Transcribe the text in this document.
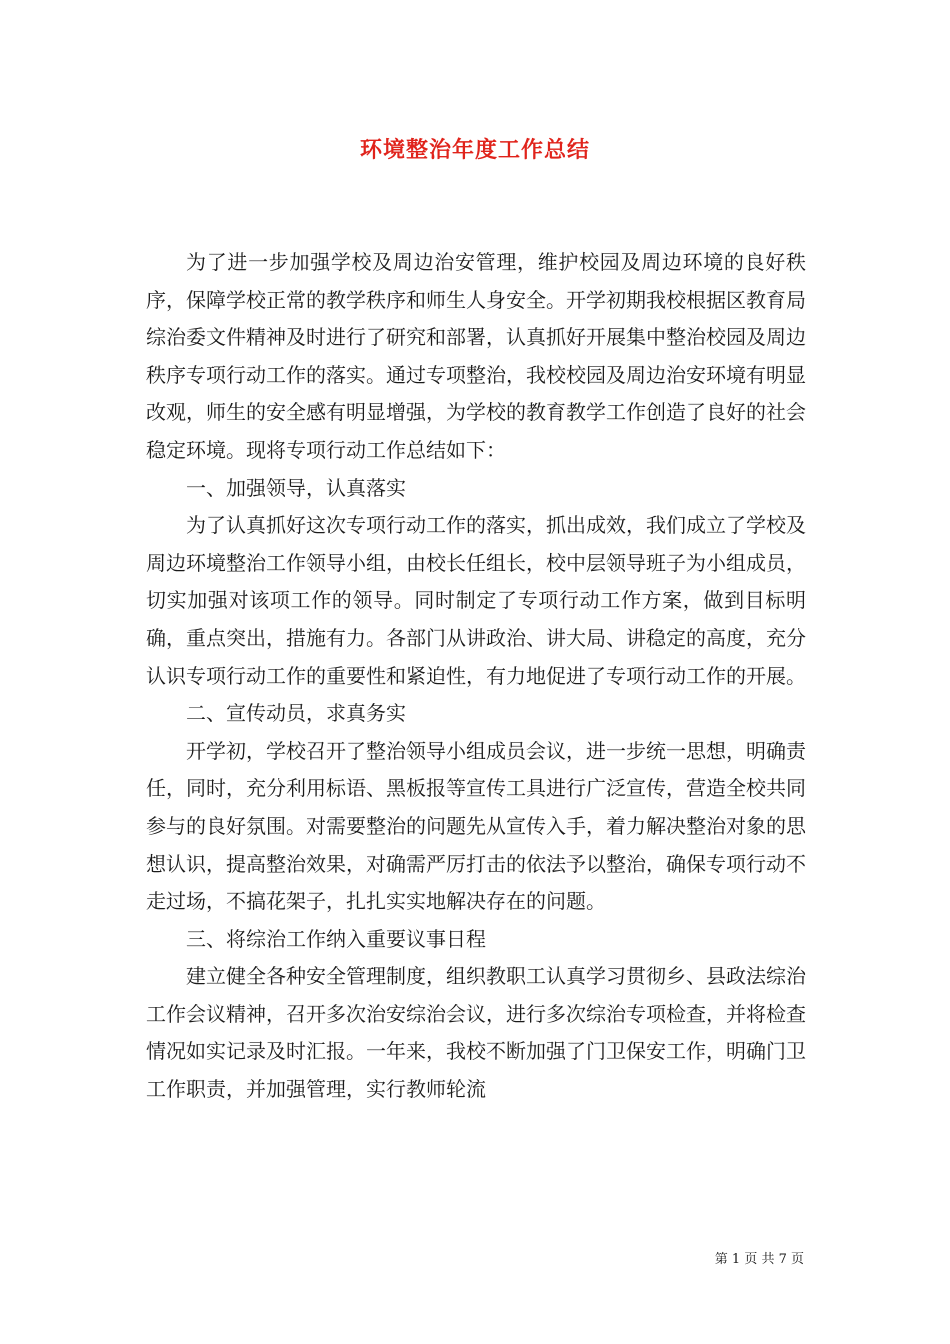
环境整治年度工作总结

为了进一步加强学校及周边治安管理，维护校园及周边环境的良好秩序，保障学校正常的教学秩序和师生人身安全。开学初期我校根据区教育局综治委文件精神及时进行了研究和部署，认真抓好开展集中整治校园及周边秩序专项行动工作的落实。通过专项整治，我校校园及周边治安环境有明显改观，师生的安全感有明显增强，为学校的教育教学工作创造了良好的社会稳定环境。现将专项行动工作总结如下：

一、加强领导，认真落实

为了认真抓好这次专项行动工作的落实，抓出成效，我们成立了学校及周边环境整治工作领导小组，由校长任组长，校中层领导班子为小组成员，切实加强对该项工作的领导。同时制定了专项行动工作方案，做到目标明确，重点突出，措施有力。各部门从讲政治、讲大局、讲稳定的高度，充分认识专项行动工作的重要性和紧迫性，有力地促进了专项行动工作的开展。

二、宣传动员，求真务实

开学初，学校召开了整治领导小组成员会议，进一步统一思想，明确责任，同时，充分利用标语、黑板报等宣传工具进行广泛宣传，营造全校共同参与的良好氛围。对需要整治的问题先从宣传入手，着力解决整治对象的思想认识，提高整治效果，对确需严厉打击的依法予以整治，确保专项行动不走过场，不搞花架子，扎扎实实地解决存在的问题。

三、将综治工作纳入重要议事日程

建立健全各种安全管理制度，组织教职工认真学习贯彻乡、县政法综治工作会议精神，召开多次治安综治会议，进行多次综治专项检查，并将检查情况如实记录及时汇报。一年来，我校不断加强了门卫保安工作，明确门卫工作职责，并加强管理，实行教师轮流

第 1 页 共 7 页
